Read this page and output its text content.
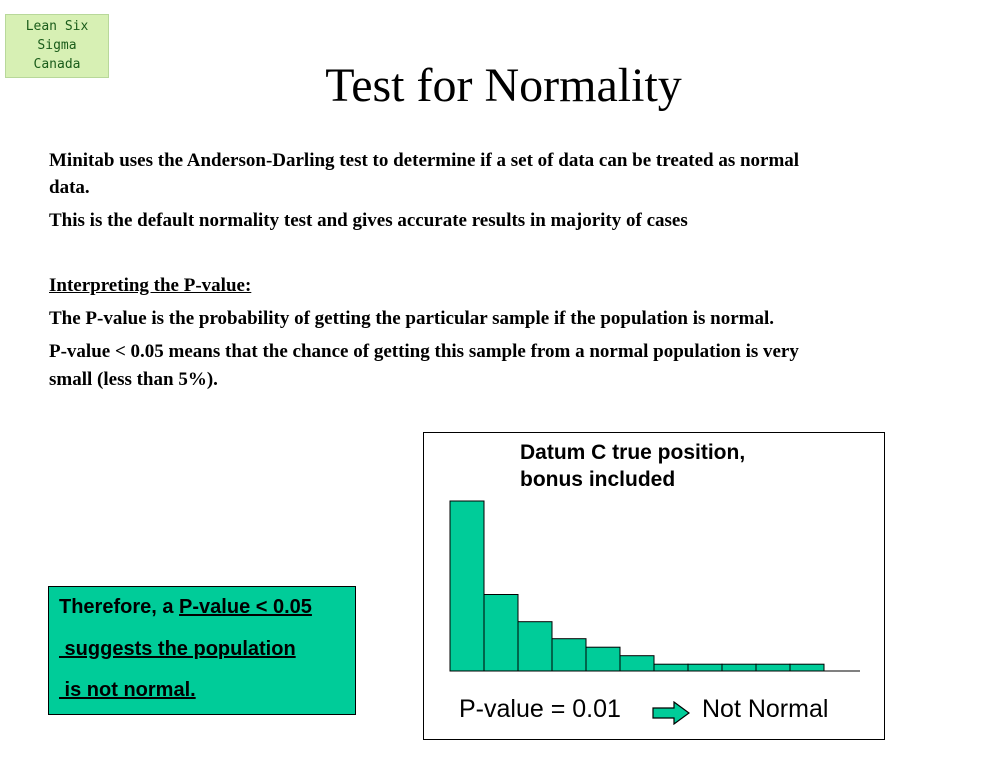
Lean Six
Sigma
Canada	Test for Normality

Minitab uses the Anderson-Darling test to determine if a set of data can be treated as normal

data.

This is the default normality test and gives accurate results in majority of cases

Interpreting the P-value:

The P-value is the probability of getting the particular sample if the population is normal.

P-value < 0.05 means that the chance of getting this sample from a normal population is very

small (less than 5%).

Therefore, a P-value < 0.05
suggests the population
is not normal.
Datum C true position,
bonus included
P-value = 0.01	Not Normal
